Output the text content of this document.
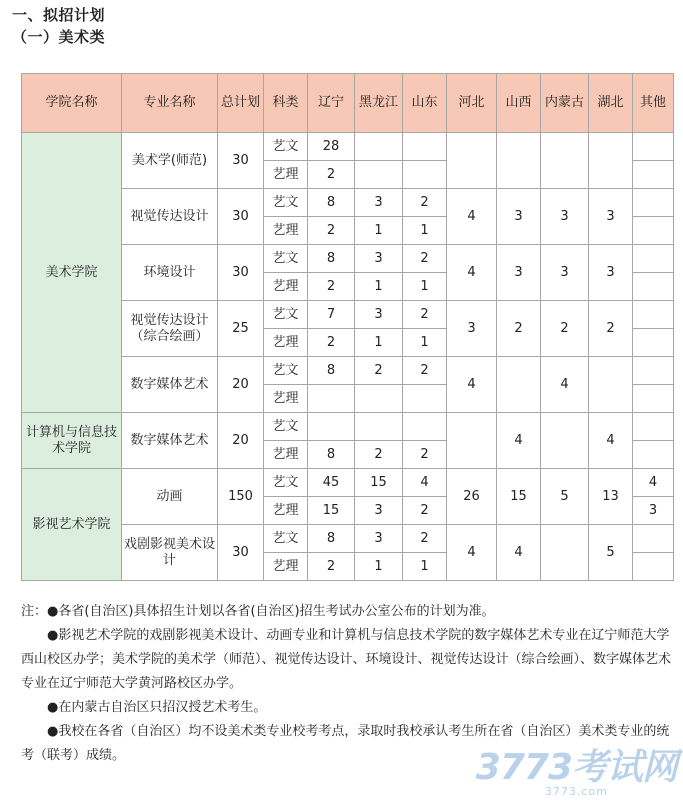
一、拟招计划
（一）美术类
学院名称	专业名称	总计划	科类	辽宁	黑龙江	山东	河北	山西	内蒙古	湖北	其他
美术学院	美术学(师范)	30	艺文	28							
			艺理	2							
	视觉传达设计	30	艺文	8	3	2	4	3	3	3	
			艺理	2	1	1					
	环境设计	30	艺文	8	3	2	4	3	3	3	
			艺理	2	1	1					
	视觉传达设计（综合绘画）	25	艺文	7	3	2	3	2	2	2	
			艺理	2	1	1					
	数字媒体艺术	20	艺文	8	2	2	4		4		
			艺理								
计算机与信息技术学院	数字媒体艺术	20	艺文					4		4	
			艺理	8	2	2					
影视艺术学院	动画	150	艺文	45	15	4	26	15	5	13	4
			艺理	15	3	2					3
	戏剧影视美术设计	30	艺文	8	3	2	4	4		5	
			艺理	2	1	1					

注：●各省(自治区)具体招生计划以各省(自治区)招生考试办公室公布的计划为准。

●影视艺术学院的戏剧影视美术设计、动画专业和计算机与信息技术学院的数字媒体艺术专业在辽宁师范大学西山校区办学；美术学院的美术学（师范）、视觉传达设计、环境设计、视觉传达设计（综合绘画）、数字媒体艺术专业在辽宁师范大学黄河路校区办学。

●在内蒙古自治区只招汉授艺术考生。

●我校在各省（自治区）均不设美术类专业校考考点，录取时我校承认考生所在省（自治区）美术类专业的统考（联考）成绩。	3773考试网
3773.com
